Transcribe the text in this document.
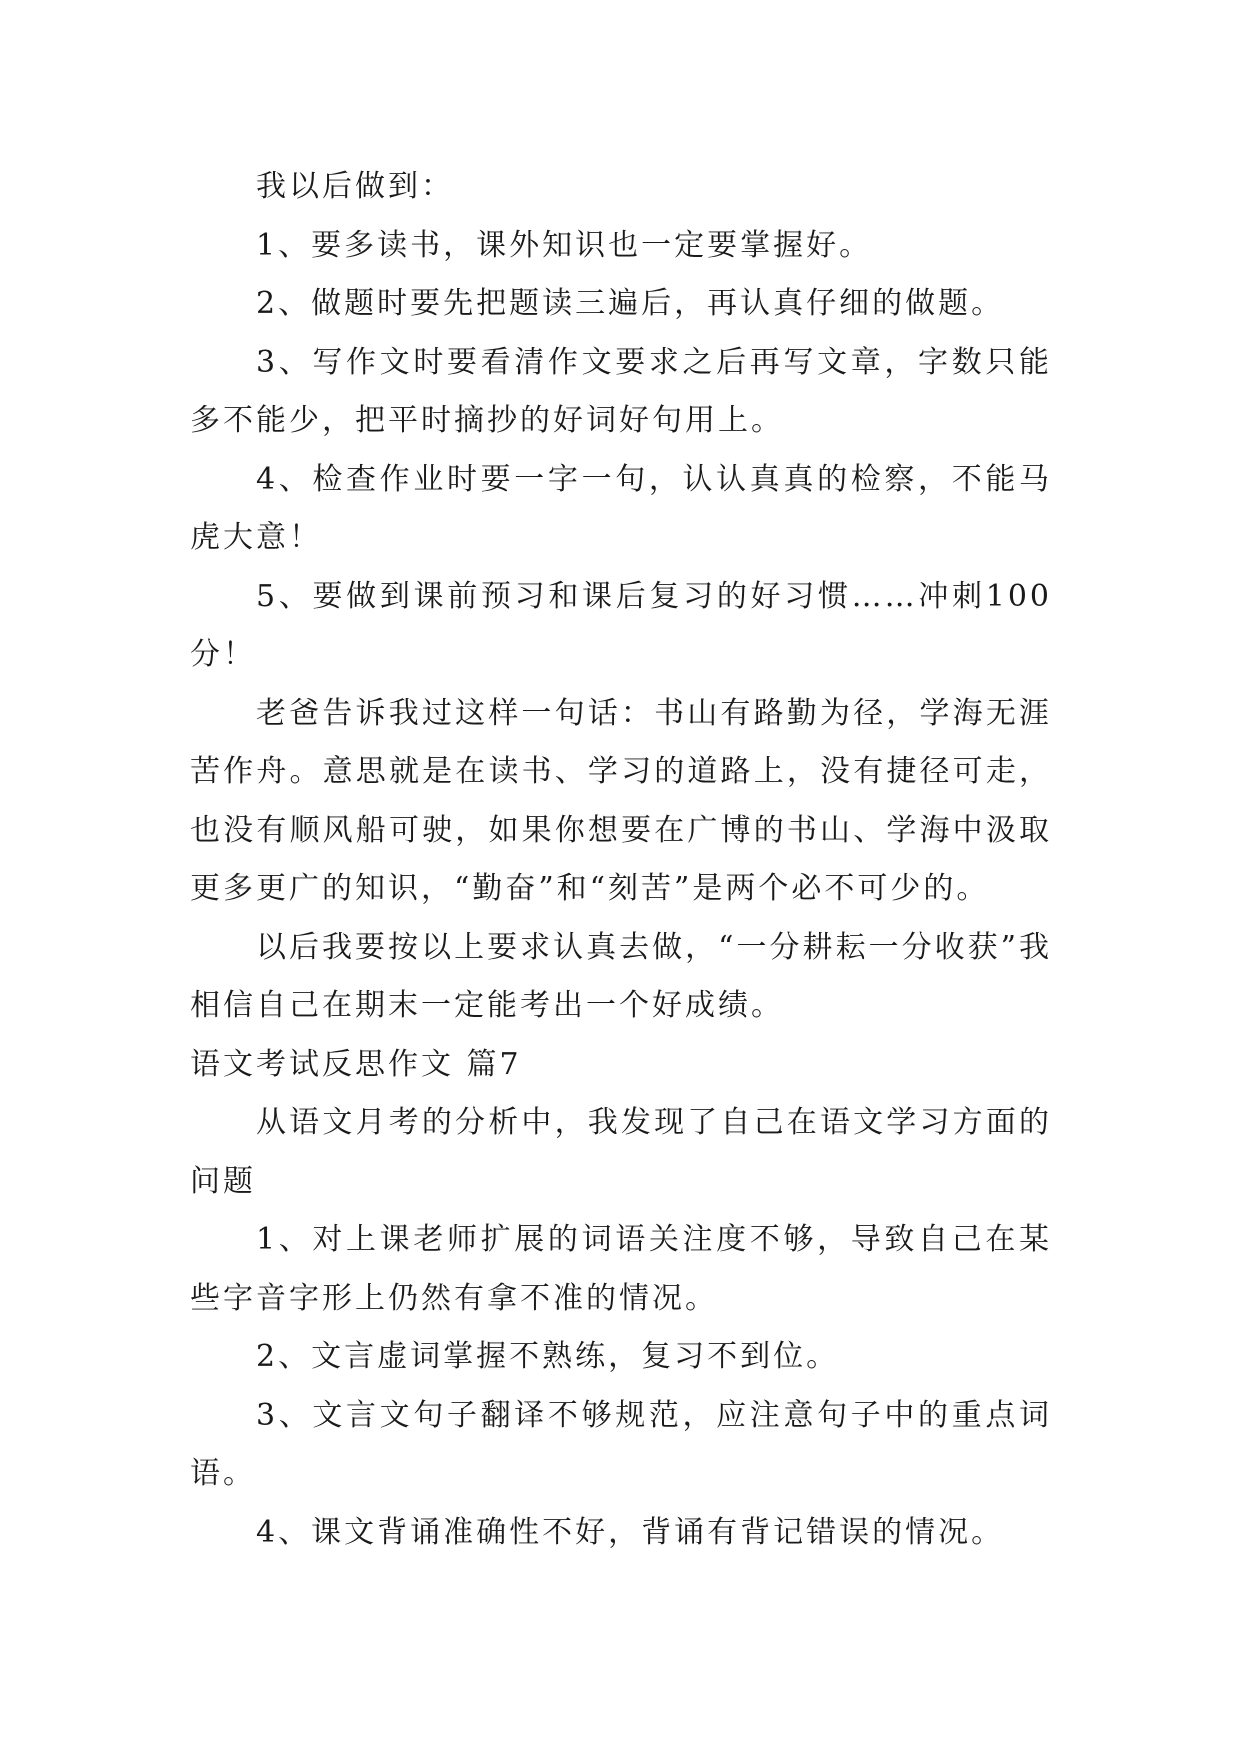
我以后做到：

1、要多读书，课外知识也一定要掌握好。

2、做题时要先把题读三遍后，再认真仔细的做题。

3、写作文时要看清作文要求之后再写文章，字数只能多不能少，把平时摘抄的好词好句用上。

4、检查作业时要一字一句，认认真真的检察，不能马虎大意！

5、要做到课前预习和课后复习的好习惯……冲刺100分！

老爸告诉我过这样一句话：书山有路勤为径，学海无涯苦作舟。意思就是在读书、学习的道路上，没有捷径可走，也没有顺风船可驶，如果你想要在广博的书山、学海中汲取更多更广的知识，“勤奋”和“刻苦”是两个必不可少的。

以后我要按以上要求认真去做，“一分耕耘一分收获”我相信自己在期末一定能考出一个好成绩。

语文考试反思作文 篇7

从语文月考的分析中，我发现了自己在语文学习方面的问题

1、对上课老师扩展的词语关注度不够，导致自己在某些字音字形上仍然有拿不准的情况。

2、文言虚词掌握不熟练，复习不到位。

3、文言文句子翻译不够规范，应注意句子中的重点词语。

4、课文背诵准确性不好，背诵有背记错误的情况。
